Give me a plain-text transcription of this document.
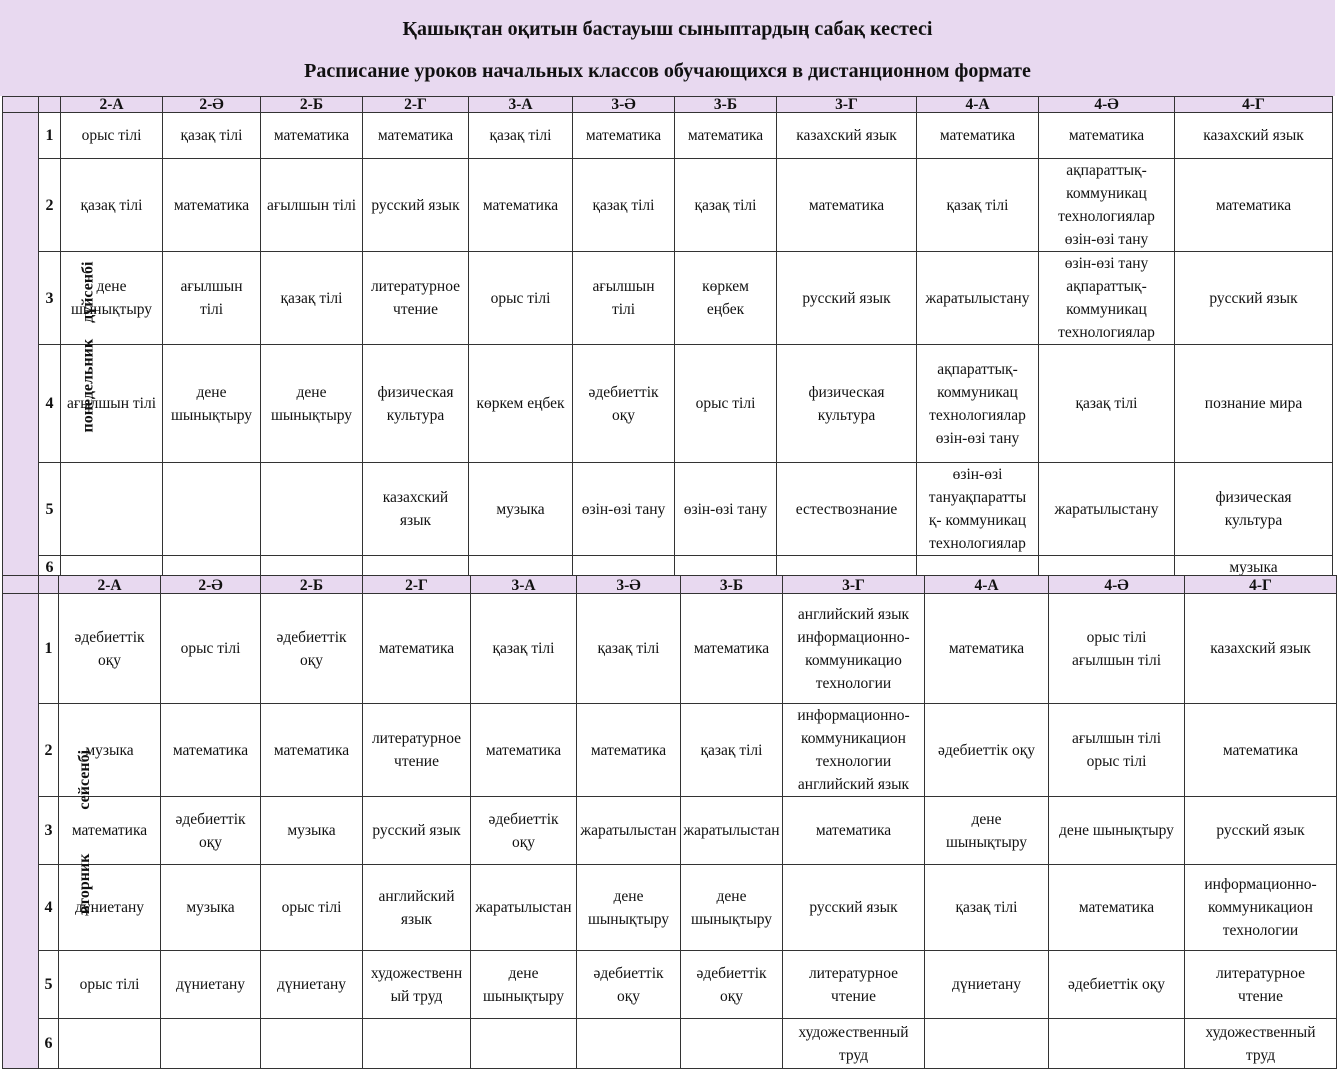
Қашықтан оқитын бастауыш сыныптардың сабақ кестесі
Расписание уроков начальных классов обучающихся в дистанционном формате
		2-А	2-Ә	2-Б	2-Г	3-А	3-Ә	3-Б	3-Г	4-А	4-Ә	4-Г
понедельник    дүйсенбі	1	орыс тілі	қазақ тілі	математика	математика	қазақ тілі	математика	математика	казахский язык	математика	математика	казахский язык
	2	қазақ тілі	математика	ағылшын тілі	русский язык	математика	қазақ тілі	қазақ тілі	математика	қазақ тілі	ақпараттық-
коммуникац
технологиялар
өзін-өзі тану	математика
	3	дене
шынықтыру	ағылшын
тілі	қазақ тілі	литературное
чтение	орыс тілі	ағылшын
тілі	көркем
еңбек	русский язык	жаратылыстану	өзін-өзі тану
ақпараттық-
коммуникац
технологиялар	русский язык
	4	ағылшын тілі	дене
шынықтыру	дене
шынықтыру	физическая
культура	көркем еңбек	әдебиеттік
оқу	орыс тілі	физическая
культура	ақпараттық-
коммуникац
технологиялар
өзін-өзі тану	қазақ тілі	познание мира
	5				казахский
язык	музыка	өзін-өзі тану	өзін-өзі тану	естествознание	өзін-өзі
тануақпаратты
қ- коммуникац
технологиялар	жаратылыстану	физическая
культура
	6											музыка
		2-А	2-Ә	2-Б	2-Г	3-А	3-Ә	3-Б	3-Г	4-А	4-Ә	4-Г
вторник           сейсенбі	1	әдебиеттік
оқу	орыс тілі	әдебиеттік
оқу	математика	қазақ тілі	қазақ тілі	математика	английский язык
информационно-
коммуникацио
технологии	математика	орыс тілі
ағылшын тілі	казахский язык
	2	музыка	математика	математика	литературное
чтение	математика	математика	қазақ тілі	информационно-
коммуникацион
технологии
английский язык	әдебиеттік оқу	ағылшын тілі
орыс тілі	математика
	3	математика	әдебиеттік
оқу	музыка	русский язык	әдебиеттік
оқу	жаратылыстан	жаратылыстан	математика	дене
шынықтыру	дене шынықтыру	русский язык
	4	дүниетану	музыка	орыс тілі	английский
язык	жаратылыстан	дене
шынықтыру	дене
шынықтыру	русский язык	қазақ тілі	математика	информационно-
коммуникацион
технологии
	5	орыс тілі	дүниетану	дүниетану	художественн
ый труд	дене
шынықтыру	әдебиеттік
оқу	әдебиеттік
оқу	литературное
чтение	дүниетану	әдебиеттік оқу	литературное
чтение
	6								художественный
труд			художественный
труд
